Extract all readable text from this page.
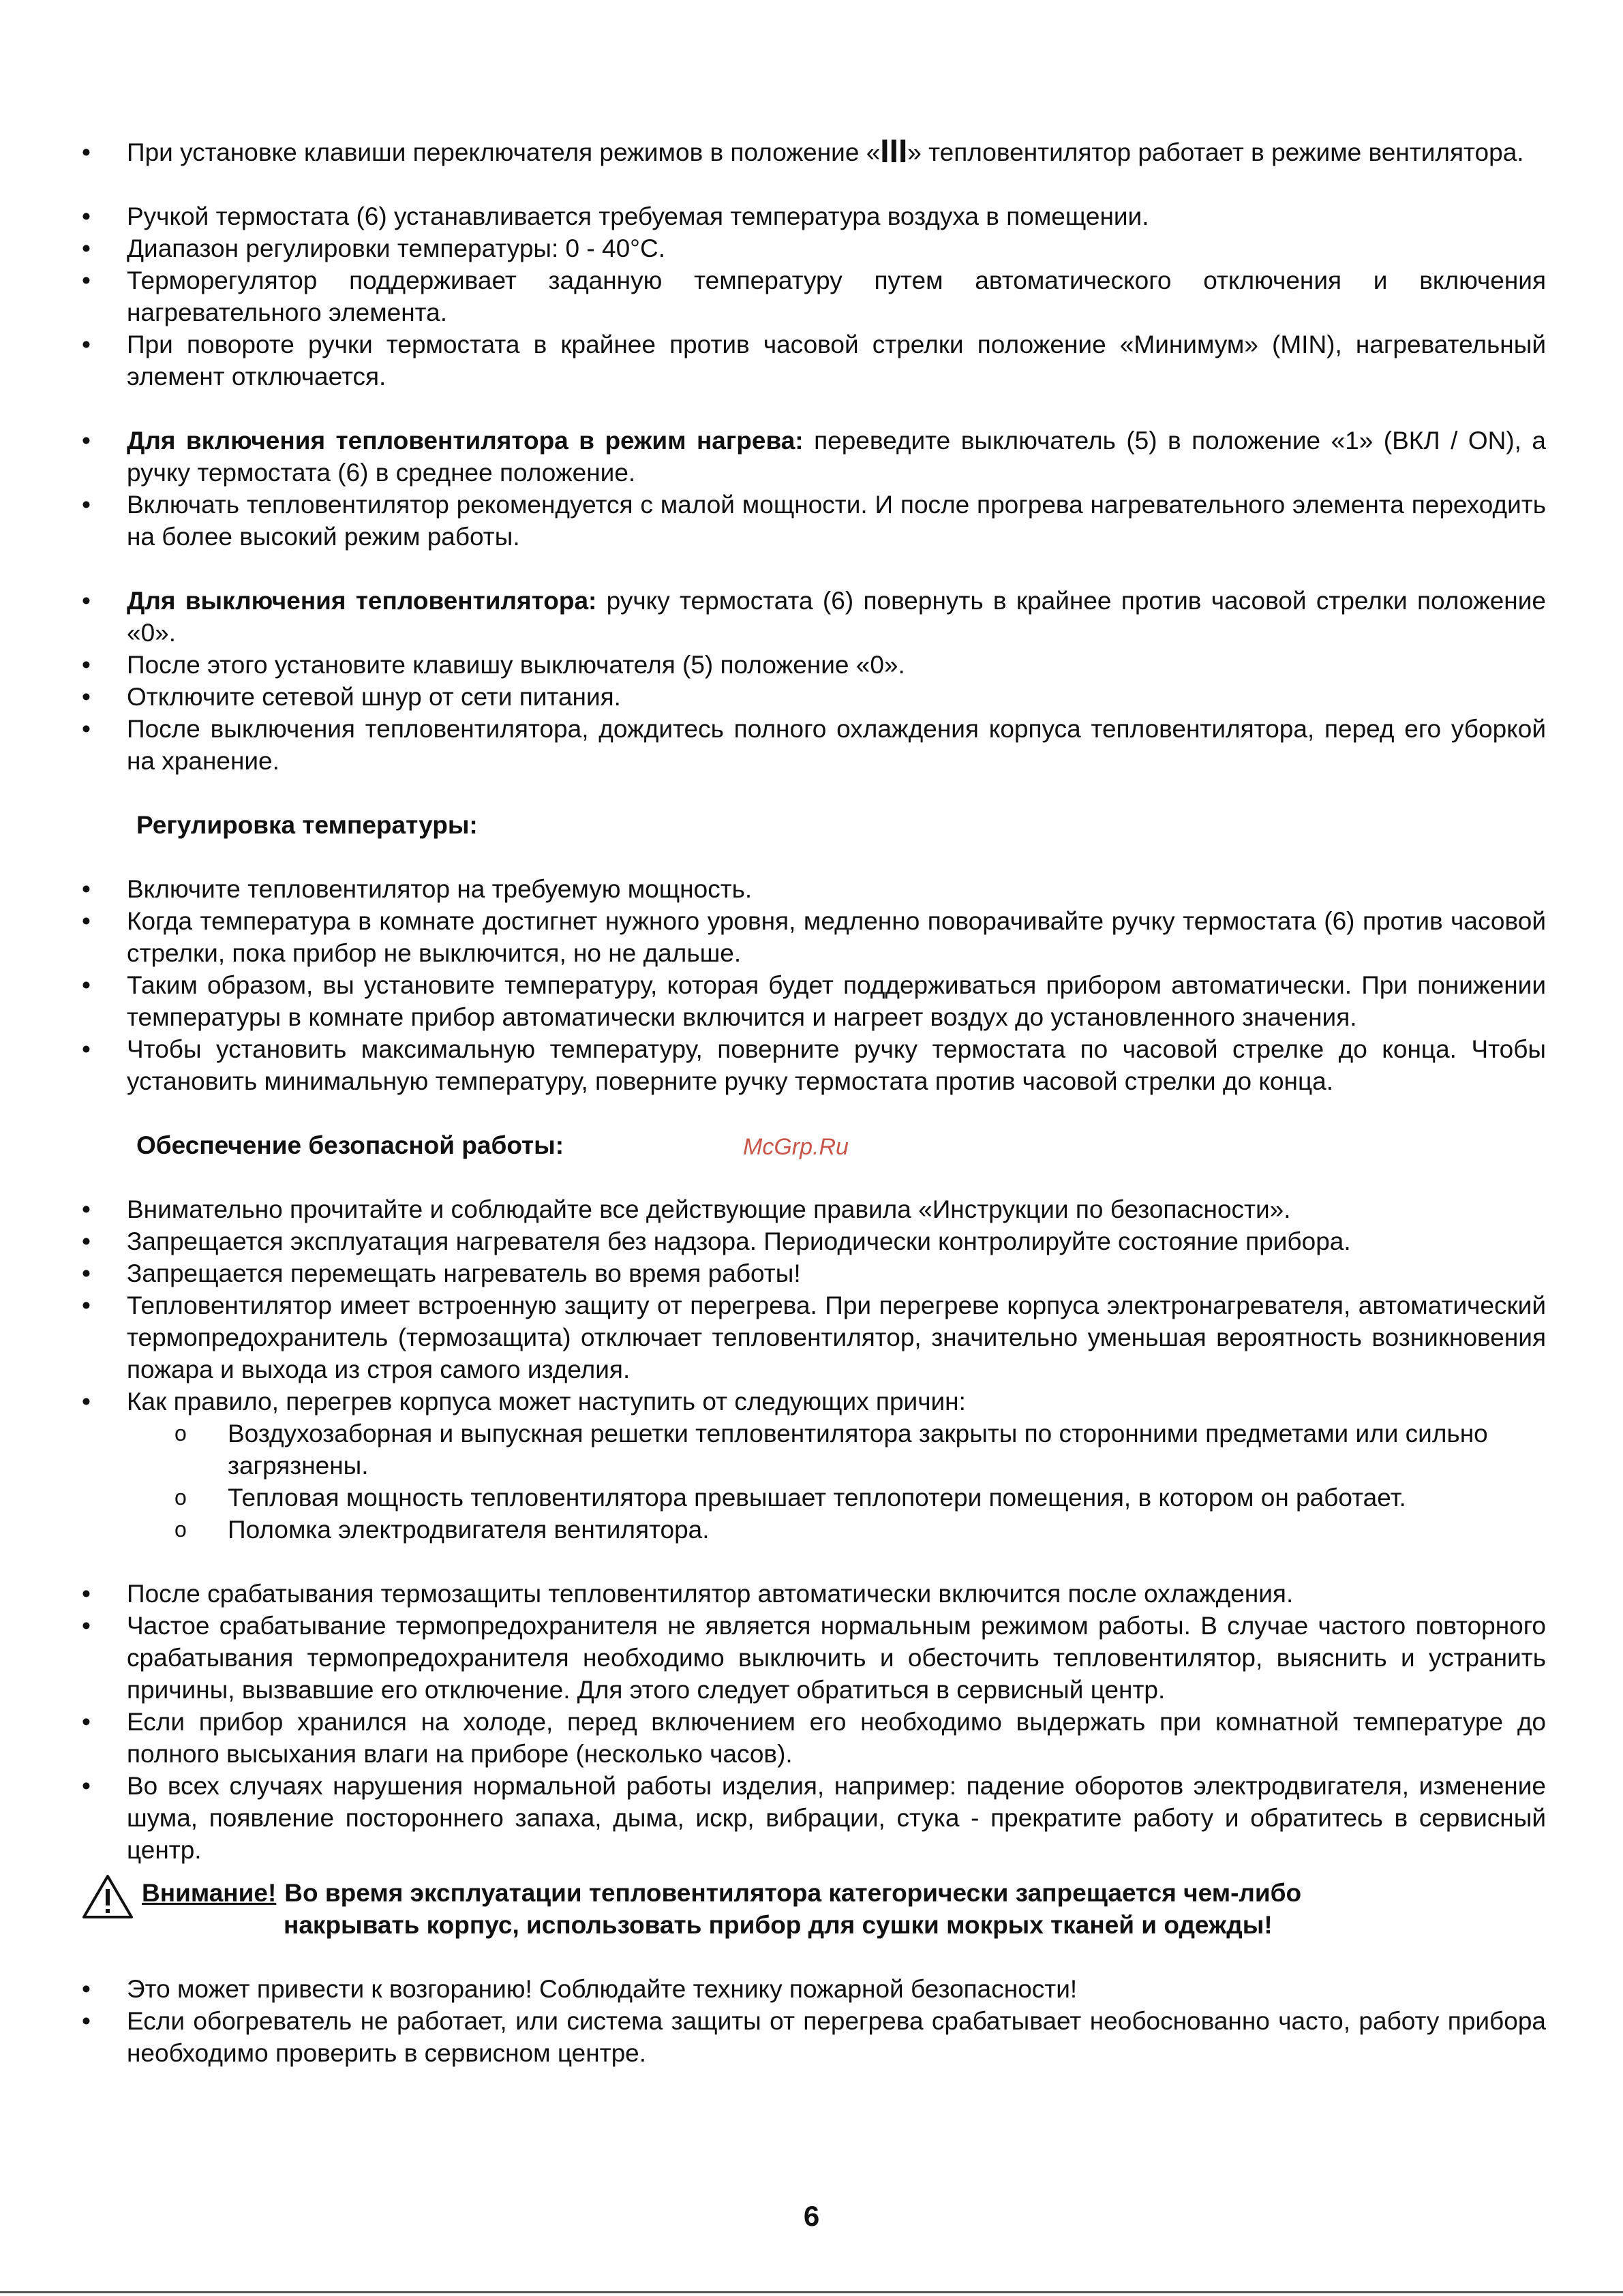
• При установке клавиши переключателя режимов в положение «III» тепловентилятор работает в режиме вентилятора.
• Ручкой термостата (6) устанавливается требуемая температура воздуха в помещении.
• Диапазон регулировки температуры: 0 - 40°С.
• Терморегулятор поддерживает заданную температуру путем автоматического отключения и включения нагревательного элемента.
• При повороте ручки термостата в крайнее против часовой стрелки положение «Минимум» (MIN), нагревательный элемент отключается.
• Для включения тепловентилятора в режим нагрева: переведите выключатель (5) в положение «1» (ВКЛ / ON), а ручку термостата (6) в среднее положение.
• Включать тепловентилятор рекомендуется с малой мощности. И после прогрева нагревательного элемента переходить на более высокий режим работы.
• Для выключения тепловентилятора: ручку термостата (6) повернуть в крайнее против часовой стрелки положение «0».
• После этого установите клавишу выключателя (5) положение «0».
• Отключите сетевой шнур от сети питания.
• После выключения тепловентилятора, дождитесь полного охлаждения корпуса тепловентилятора, перед его уборкой на хранение.

Регулировка температуры:

• Включите тепловентилятор на требуемую мощность.
• Когда температура в комнате достигнет нужного уровня, медленно поворачивайте ручку термостата (6) против часовой стрелки, пока прибор не выключится, но не дальше.
• Таким образом, вы установите температуру, которая будет поддерживаться прибором автоматически. При понижении температуры в комнате прибор автоматически включится и нагреет воздух до установленного значения.
• Чтобы установить максимальную температуру, поверните ручку термостата по часовой стрелке до конца. Чтобы установить минимальную температуру, поверните ручку термостата против часовой стрелки до конца.

Обеспечение безопасной работы:

• Внимательно прочитайте и соблюдайте все действующие правила «Инструкции по безопасности».
• Запрещается эксплуатация нагревателя без надзора. Периодически контролируйте состояние прибора.
• Запрещается перемещать нагреватель во время работы!
• Тепловентилятор имеет встроенную защиту от перегрева. При перегреве корпуса электронагревателя, автоматический термопредохранитель (термозащита) отключает тепловентилятор, значительно уменьшая вероятность возникновения пожара и выхода из строя самого изделия.
• Как правило, перегрев корпуса может наступить от следующих причин:
o Воздухозаборная и выпускная решетки тепловентилятора закрыты по сторонними предметами или сильно загрязнены.
o Тепловая мощность тепловентилятора превышает теплопотери помещения, в котором он работает.
o Поломка электродвигателя вентилятора.
• После срабатывания термозащиты тепловентилятор автоматически включится после охлаждения.
• Частое срабатывание термопредохранителя не является нормальным режимом работы. В случае частого повторного срабатывания термопредохранителя необходимо выключить и обесточить тепловентилятор, выяснить и устранить причины, вызвавшие его отключение. Для этого следует обратиться в сервисный центр.
• Если прибор хранился на холоде, перед включением его необходимо выдержать при комнатной температуре до полного высыхания влаги на приборе (несколько часов).
• Во всех случаях нарушения нормальной работы изделия, например: падение оборотов электродвигателя, изменение шума, появление постороннего запаха, дыма, искр, вибрации, стука - прекратите работу и обратитесь в сервисный центр.
Внимание! Во время эксплуатации тепловентилятора категорически запрещается чем-либо
накрывать корпус, использовать прибор для сушки мокрых тканей и одежды!
• Это может привести к возгоранию! Соблюдайте технику пожарной безопасности!
• Если обогреватель не работает, или система защиты от перегрева срабатывает необоснованно часто, работу прибора необходимо проверить в сервисном центре.
McGrp.Ru
6
